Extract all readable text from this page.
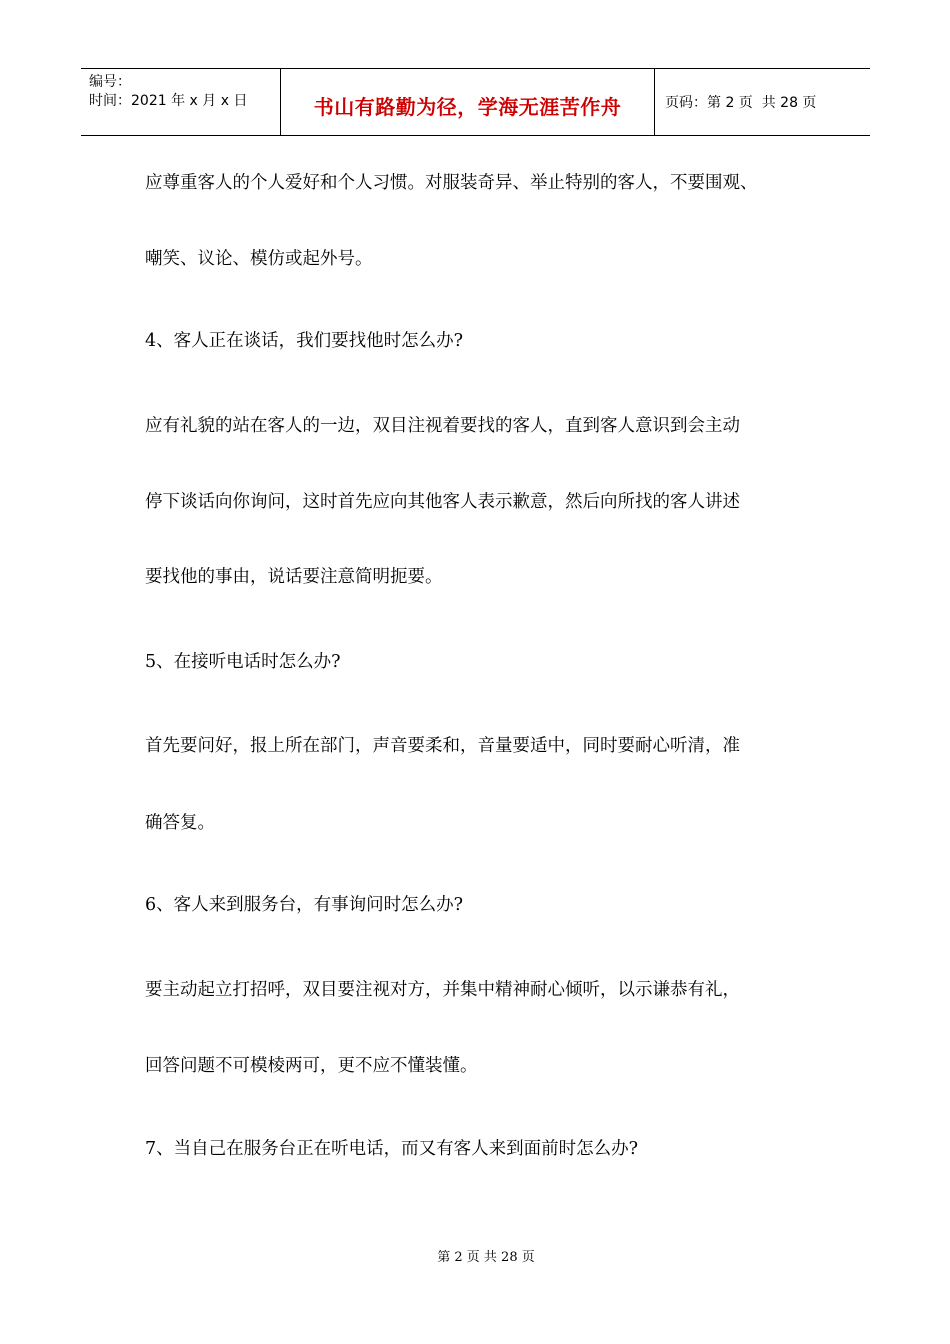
编号：
时间：2021 年 x 月 x 日	书山有路勤为径，学海无涯苦作舟	页码：第 2 页  共 28 页
应尊重客人的个人爱好和个人习惯。对服装奇异、举止特别的客人，不要围观、
嘲笑、议论、模仿或起外号。
4、客人正在谈话，我们要找他时怎么办?
应有礼貌的站在客人的一边，双目注视着要找的客人，直到客人意识到会主动
停下谈话向你询问，这时首先应向其他客人表示歉意，然后向所找的客人讲述
要找他的事由，说话要注意简明扼要。
5、在接听电话时怎么办?
首先要问好，报上所在部门，声音要柔和，音量要适中，同时要耐心听清，准
确答复。
6、客人来到服务台，有事询问时怎么办?
要主动起立打招呼，双目要注视对方，并集中精神耐心倾听，以示谦恭有礼，
回答问题不可模棱两可，更不应不懂装懂。
7、当自己在服务台正在听电话，而又有客人来到面前时怎么办?
第 2 页 共 28 页
